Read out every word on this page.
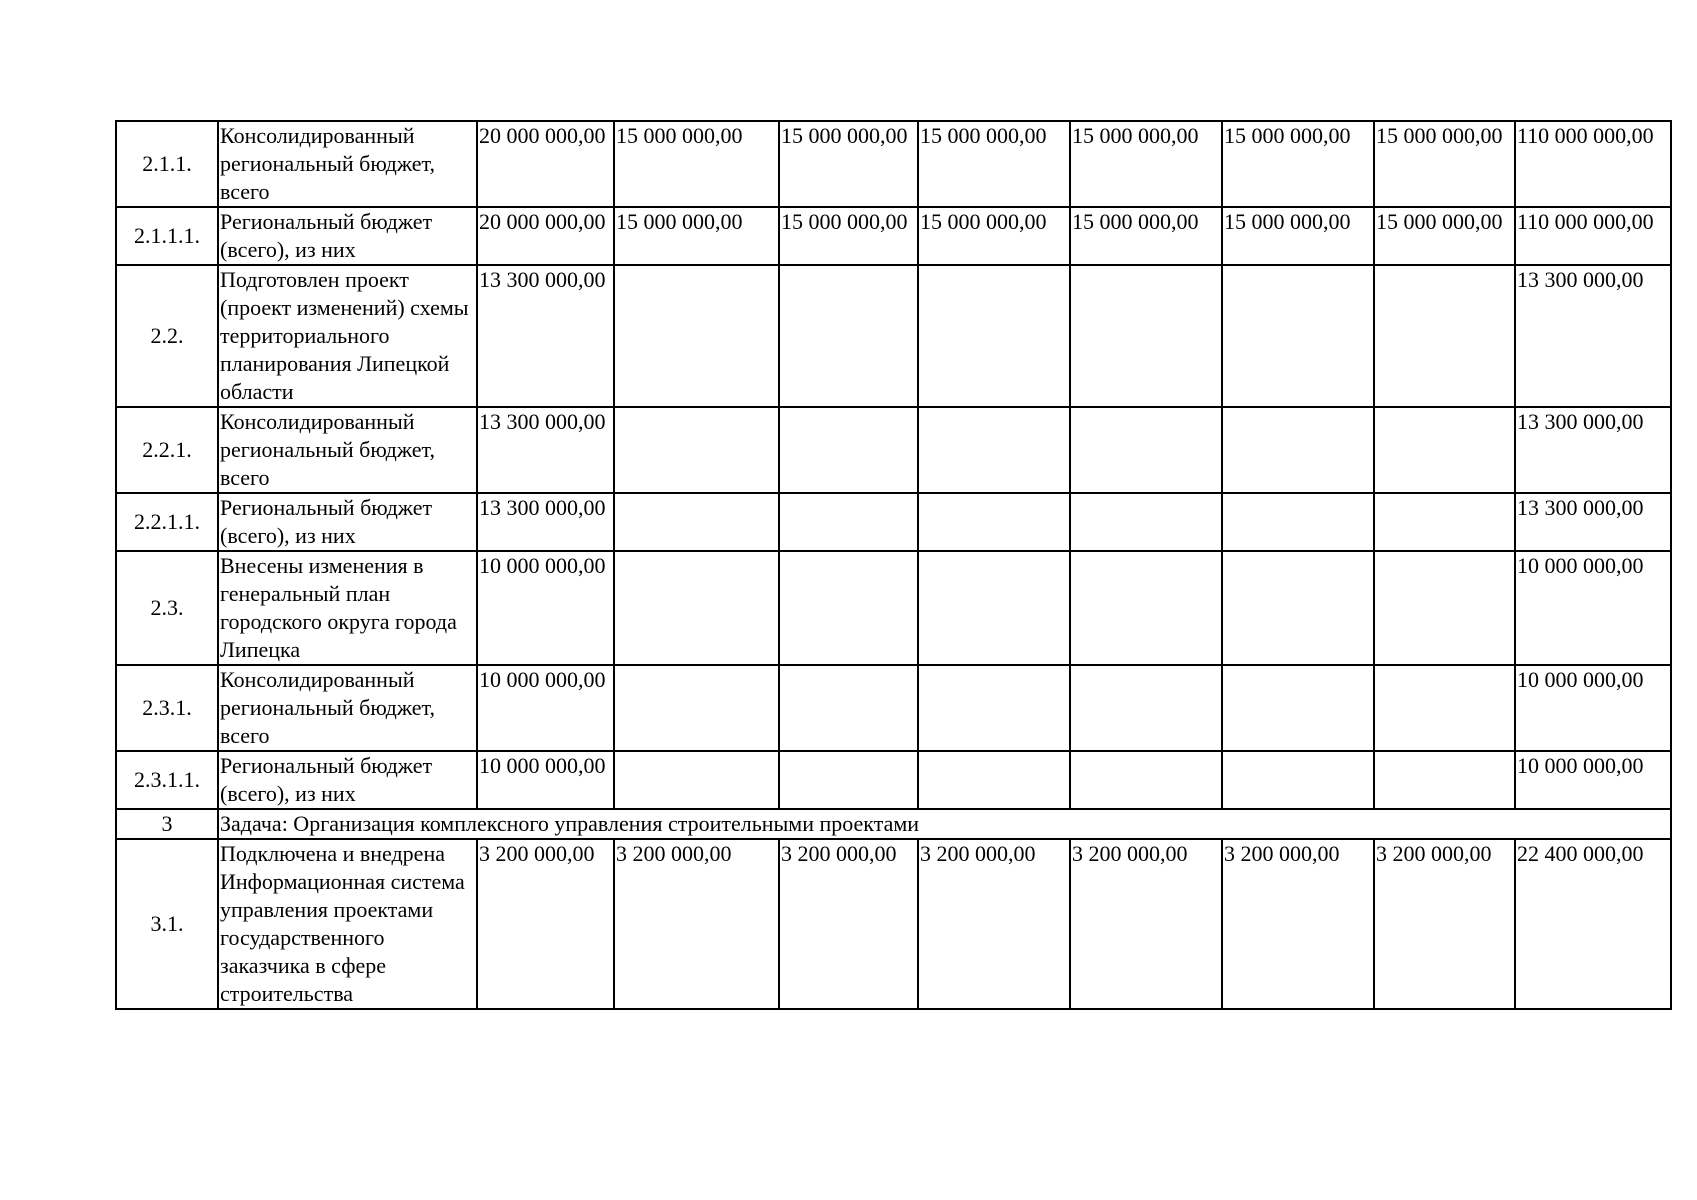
2.1.1.	Консолидированный региональный бюджет, всего	20 000 000,00	15 000 000,00	15 000 000,00	15 000 000,00	15 000 000,00	15 000 000,00	15 000 000,00	110 000 000,00
2.1.1.1.	Региональный бюджет (всего), из них	20 000 000,00	15 000 000,00	15 000 000,00	15 000 000,00	15 000 000,00	15 000 000,00	15 000 000,00	110 000 000,00
2.2.	Подготовлен проект (проект изменений) схемы территориального планирования Липецкой области	13 300 000,00							13 300 000,00
2.2.1.	Консолидированный региональный бюджет, всего	13 300 000,00							13 300 000,00
2.2.1.1.	Региональный бюджет (всего), из них	13 300 000,00							13 300 000,00
2.3.	Внесены изменения в генеральный план городского округа города Липецка	10 000 000,00							10 000 000,00
2.3.1.	Консолидированный региональный бюджет, всего	10 000 000,00							10 000 000,00
2.3.1.1.	Региональный бюджет (всего), из них	10 000 000,00							10 000 000,00
3	Задача: Организация комплексного управления строительными проектами								
3.1.	Подключена и внедрена Информационная система управления проектами государственного заказчика в сфере строительства	3 200 000,00	3 200 000,00	3 200 000,00	3 200 000,00	3 200 000,00	3 200 000,00	3 200 000,00	22 400 000,00
